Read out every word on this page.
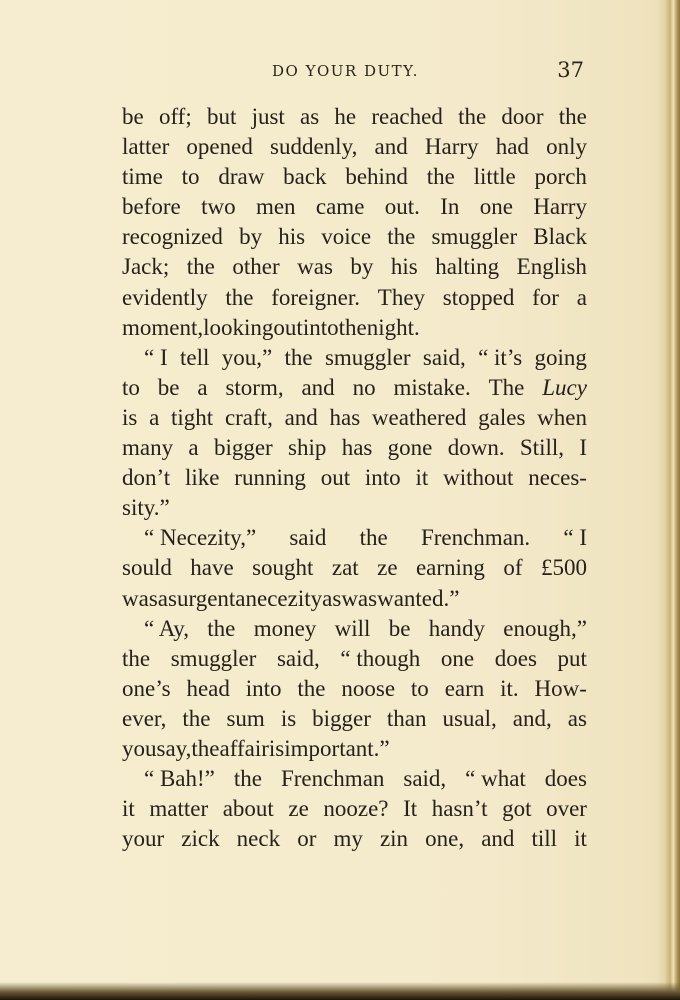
DO YOUR DUTY.	37
be off; but just as he reached the door the
latter opened suddenly, and Harry had only
time to draw back behind the little porch
before two men came out. In one Harry
recognized by his voice the smuggler Black
Jack; the other was by his halting English
evidently the foreigner. They stopped for a
moment, looking out into the night.
“ I tell you,” the smuggler said, “ it’s going
to be a storm, and no mistake. The Lucy
is a tight craft, and has weathered gales when
many a bigger ship has gone down. Still, I
don’t like running out into it without neces-
sity.”
“ Necezity,” said the Frenchman. “ I
sould have sought zat ze earning of £500
was as urgent a necezity as was wanted.”
“ Ay, the money will be handy enough,”
the smuggler said, “ though one does put
one’s head into the noose to earn it. How-
ever, the sum is bigger than usual, and, as
you say, the affair is important.”
“ Bah!” the Frenchman said, “ what does
it matter about ze nooze? It hasn’t got over
your zick neck or my zin one, and till it
